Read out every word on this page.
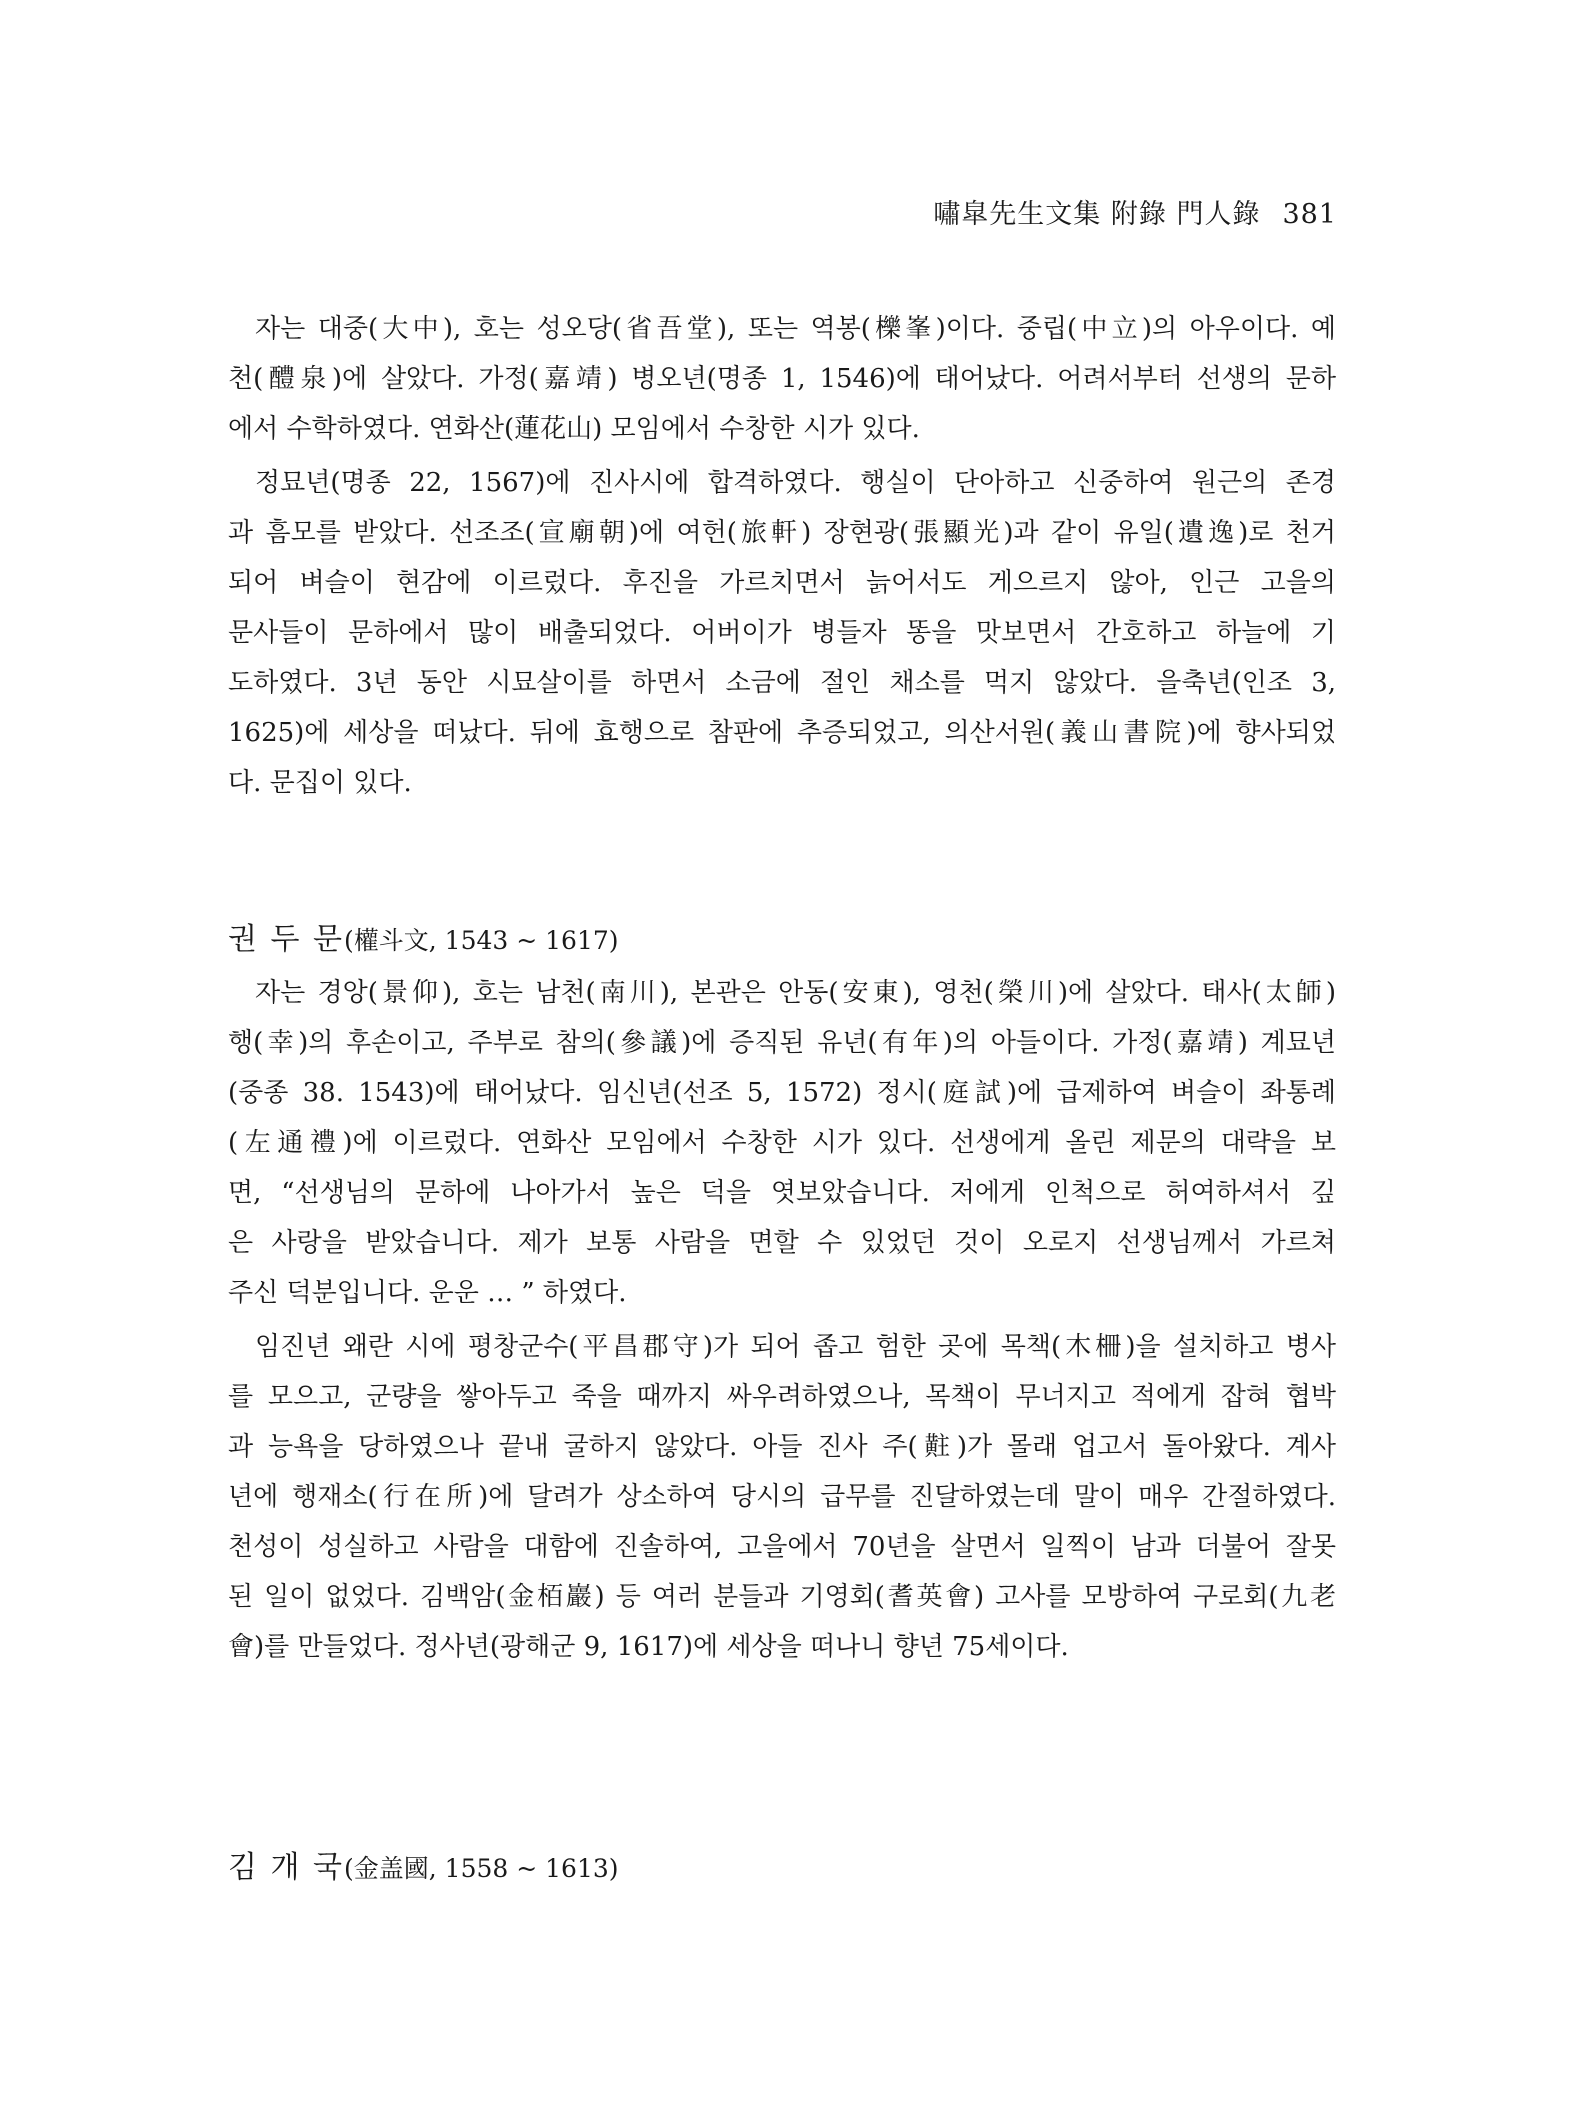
嘯皐先生文集 附錄 門人錄 381
자는 대중(大中), 호는 성오당(省吾堂), 또는 역봉(櫟峯)이다. 중립(中立)의 아우이다. 예
천(醴泉)에 살았다. 가정(嘉靖) 병오년(명종 1, 1546)에 태어났다. 어려서부터 선생의 문하
에서 수학하였다. 연화산(蓮花山) 모임에서 수창한 시가 있다.
정묘년(명종 22, 1567)에 진사시에 합격하였다. 행실이 단아하고 신중하여 원근의 존경
과 흠모를 받았다. 선조조(宣廟朝)에 여헌(旅軒) 장현광(張顯光)과 같이 유일(遺逸)로 천거
되어 벼슬이 현감에 이르렀다. 후진을 가르치면서 늙어서도 게으르지 않아, 인근 고을의
문사들이 문하에서 많이 배출되었다. 어버이가 병들자 똥을 맛보면서 간호하고 하늘에 기
도하였다. 3년 동안 시묘살이를 하면서 소금에 절인 채소를 먹지 않았다. 을축년(인조 3,
1625)에 세상을 떠났다. 뒤에 효행으로 참판에 추증되었고, 의산서원(義山書院)에 향사되었
다. 문집이 있다.
권 두 문(權斗文, 1543 ~ 1617)
자는 경앙(景仰), 호는 남천(南川), 본관은 안동(安東), 영천(榮川)에 살았다. 태사(太師)
행(幸)의 후손이고, 주부로 참의(參議)에 증직된 유년(有年)의 아들이다. 가정(嘉靖) 계묘년
(중종 38. 1543)에 태어났다. 임신년(선조 5, 1572) 정시(庭試)에 급제하여 벼슬이 좌통례
(左通禮)에 이르렀다. 연화산 모임에서 수창한 시가 있다. 선생에게 올린 제문의 대략을 보
면, “선생님의 문하에 나아가서 높은 덕을 엿보았습니다. 저에게 인척으로 허여하셔서 깊
은 사랑을 받았습니다. 제가 보통 사람을 면할 수 있었던 것이 오로지 선생님께서 가르쳐
주신 덕분입니다. 운운 … ” 하였다.
임진년 왜란 시에 평창군수(平昌郡守)가 되어 좁고 험한 곳에 목책(木柵)을 설치하고 병사
를 모으고, 군량을 쌓아두고 죽을 때까지 싸우려하였으나, 목책이 무너지고 적에게 잡혀 협박
과 능욕을 당하였으나 끝내 굴하지 않았다. 아들 진사 주(黈)가 몰래 업고서 돌아왔다. 계사
년에 행재소(行在所)에 달려가 상소하여 당시의 급무를 진달하였는데 말이 매우 간절하였다.
천성이 성실하고 사람을 대함에 진솔하여, 고을에서 70년을 살면서 일찍이 남과 더불어 잘못
된 일이 없었다. 김백암(金栢巖) 등 여러 분들과 기영회(耆英會) 고사를 모방하여 구로회(九老
會)를 만들었다. 정사년(광해군 9, 1617)에 세상을 떠나니 향년 75세이다.
김 개 국(金盖國, 1558 ~ 1613)
